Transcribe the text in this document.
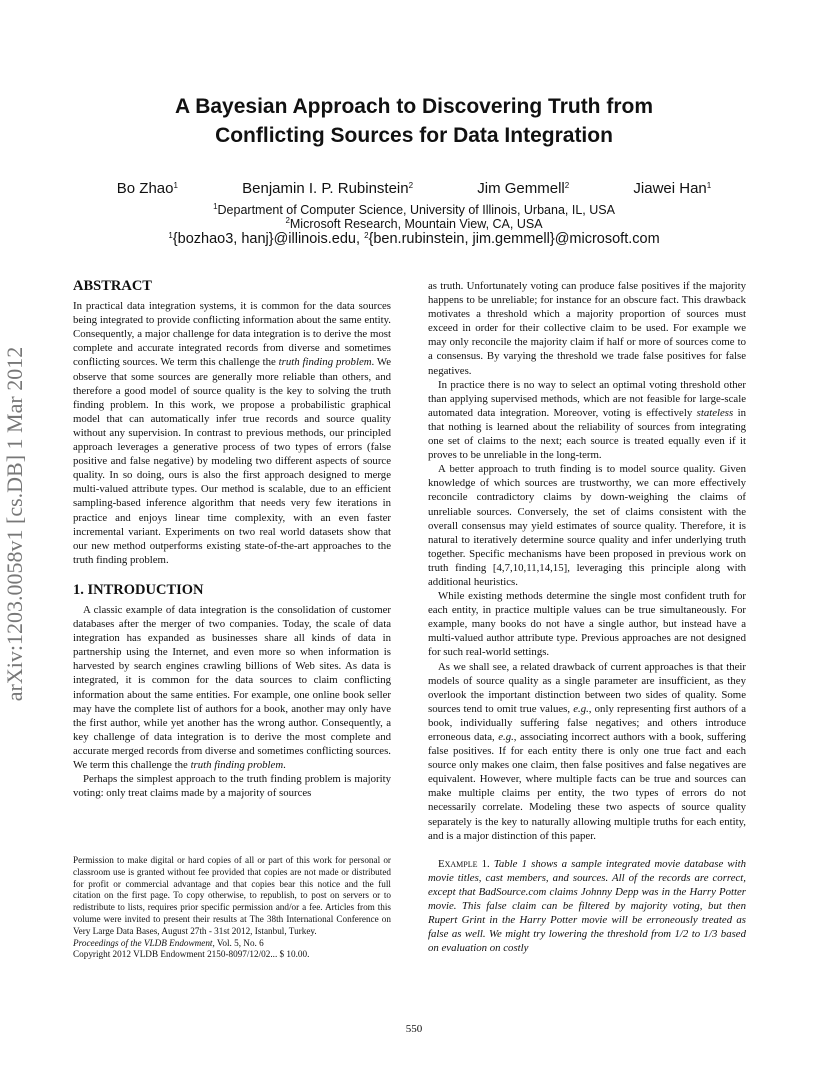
arXiv:1203.0058v1 [cs.DB] 1 Mar 2012
A Bayesian Approach to Discovering Truth from
Conflicting Sources for Data Integration
Bo Zhao$^1$	Benjamin I. P. Rubinstein$^2$	Jim Gemmell$^2$	Jiawei Han$^1$
$^1$Department of Computer Science, University of Illinois, Urbana, IL, USA
$^2$Microsoft Research, Mountain View, CA, USA
$^1${bozhao3, hanj}@illinois.edu, $^2${ben.rubinstein, jim.gemmell}@microsoft.com
ABSTRACT

In practical data integration systems, it is common for the data sources being integrated to provide conflicting information about the same entity. Consequently, a major challenge for data integration is to derive the most complete and accurate integrated records from diverse and sometimes conflicting sources. We term this challenge the truth finding problem. We observe that some sources are generally more reliable than others, and therefore a good model of source quality is the key to solving the truth finding problem. In this work, we propose a probabilistic graphical model that can automatically infer true records and source quality without any supervision. In contrast to previous methods, our principled approach leverages a generative process of two types of errors (false positive and false negative) by modeling two different aspects of source quality. In so doing, ours is also the first approach designed to merge multi-valued attribute types. Our method is scalable, due to an efficient sampling-based inference algorithm that needs very few iterations in practice and enjoys linear time complexity, with an even faster incremental variant. Experiments on two real world datasets show that our new method outperforms existing state-of-the-art approaches to the truth finding problem.

1. INTRODUCTION

A classic example of data integration is the consolidation of customer databases after the merger of two companies. Today, the scale of data integration has expanded as businesses share all kinds of data in partnership using the Internet, and even more so when information is harvested by search engines crawling billions of Web sites. As data is integrated, it is common for the data sources to claim conflicting information about the same entities. For example, one online book seller may have the complete list of authors for a book, another may only have the first author, while yet another has the wrong author. Consequently, a key challenge of data integration is to derive the most complete and accurate merged records from diverse and sometimes conflicting sources. We term this challenge the truth finding problem.

Perhaps the simplest approach to the truth finding problem is majority voting: only treat claims made by a majority of sources

Permission to make digital or hard copies of all or part of this work for personal or classroom use is granted without fee provided that copies are not made or distributed for profit or commercial advantage and that copies bear this notice and the full citation on the first page. To copy otherwise, to republish, to post on servers or to redistribute to lists, requires prior specific permission and/or a fee. Articles from this volume were invited to present their results at The 38th International Conference on Very Large Data Bases, August 27th - 31st 2012, Istanbul, Turkey.

Proceedings of the VLDB Endowment, Vol. 5, No. 6

Copyright 2012 VLDB Endowment 2150-8097/12/02... $ 10.00.

as truth. Unfortunately voting can produce false positives if the majority happens to be unreliable; for instance for an obscure fact. This drawback motivates a threshold which a majority proportion of sources must exceed in order for their collective claim to be used. For example we may only reconcile the majority claim if half or more of sources come to a consensus. By varying the threshold we trade false positives for false negatives.

In practice there is no way to select an optimal voting threshold other than applying supervised methods, which are not feasible for large-scale automated data integration. Moreover, voting is effectively stateless in that nothing is learned about the reliability of sources from integrating one set of claims to the next; each source is treated equally even if it proves to be unreliable in the long-term.

A better approach to truth finding is to model source quality. Given knowledge of which sources are trustworthy, we can more effectively reconcile contradictory claims by down-weighing the claims of unreliable sources. Conversely, the set of claims consistent with the overall consensus may yield estimates of source quality. Therefore, it is natural to iteratively determine source quality and infer underlying truth together. Specific mechanisms have been proposed in previous work on truth finding [4,7,10,11,14,15], leveraging this principle along with additional heuristics.

While existing methods determine the single most confident truth for each entity, in practice multiple values can be true simultaneously. For example, many books do not have a single author, but instead have a multi-valued author attribute type. Previous approaches are not designed for such real-world settings.

As we shall see, a related drawback of current approaches is that their models of source quality as a single parameter are insufficient, as they overlook the important distinction between two sides of quality. Some sources tend to omit true values, e.g., only representing first authors of a book, individually suffering false negatives; and others introduce erroneous data, e.g., associating incorrect authors with a book, suffering false positives. If for each entity there is only one true fact and each source only makes one claim, then false positives and false negatives are equivalent. However, where multiple facts can be true and sources can make multiple claims per entity, the two types of errors do not necessarily correlate. Modeling these two aspects of source quality separately is the key to naturally allowing multiple truths for each entity, and is a major distinction of this paper.

Example 1. Table 1 shows a sample integrated movie database with movie titles, cast members, and sources. All of the records are correct, except that BadSource.com claims Johnny Depp was in the Harry Potter movie. This false claim can be filtered by majority voting, but then Rupert Grint in the Harry Potter movie will be erroneously treated as false as well. We might try lowering the threshold from 1/2 to 1/3 based on evaluation on costly

550
